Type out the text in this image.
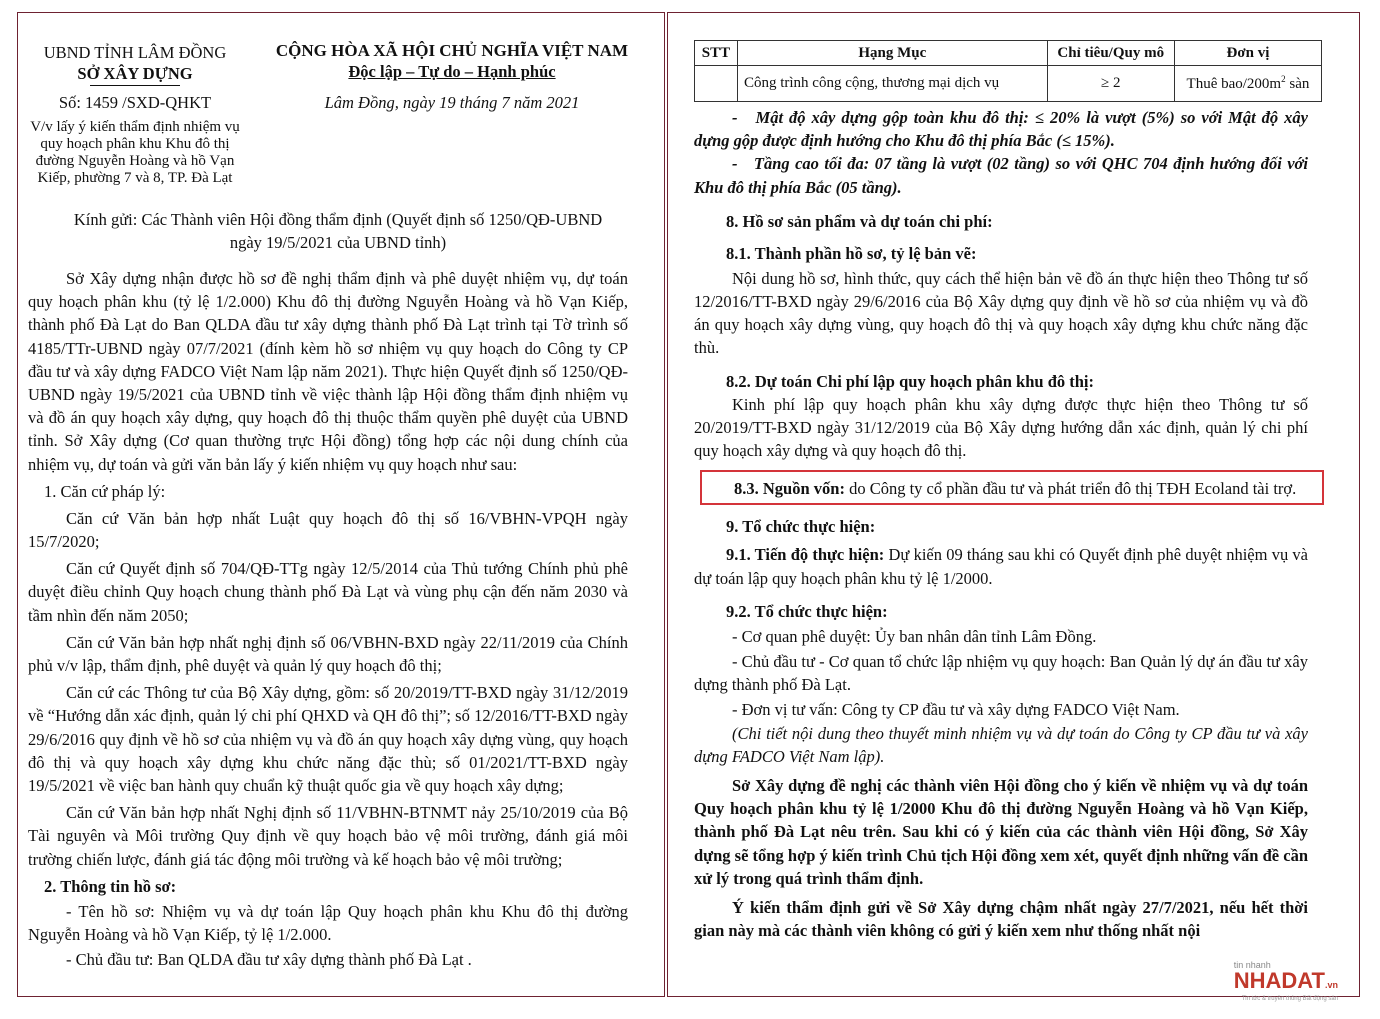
UBND TỈNH LÂM ĐỒNG
SỞ XÂY DỰNG
Số: 1459 /SXD-QHKT
V/v lấy ý kiến thẩm định nhiệm vụ quy hoạch phân khu Khu đô thị đường Nguyễn Hoàng và hồ Vạn Kiếp, phường 7 và 8, TP. Đà Lạt
CỘNG HÒA XÃ HỘI CHỦ NGHĨA VIỆT NAM
Độc lập – Tự do – Hạnh phúc
Lâm Đồng, ngày 19 tháng 7 năm 2021

Kính gửi: Các Thành viên Hội đồng thẩm định (Quyết định số 1250/QĐ-UBND ngày 19/5/2021 của UBND tỉnh)

Sở Xây dựng nhận được hồ sơ đề nghị thẩm định và phê duyệt nhiệm vụ, dự toán quy hoạch phân khu (tỷ lệ 1/2.000) Khu đô thị đường Nguyễn Hoàng và hồ Vạn Kiếp, thành phố Đà Lạt do Ban QLDA đầu tư xây dựng thành phố Đà Lạt trình tại Tờ trình số 4185/TTr-UBND ngày 07/7/2021 (đính kèm hồ sơ nhiệm vụ quy hoạch do Công ty CP đầu tư và xây dựng FADCO Việt Nam lập năm 2021). Thực hiện Quyết định số 1250/QĐ-UBND ngày 19/5/2021 của UBND tỉnh về việc thành lập Hội đồng thẩm định nhiệm vụ và đồ án quy hoạch xây dựng, quy hoạch đô thị thuộc thẩm quyền phê duyệt của UBND tỉnh. Sở Xây dựng (Cơ quan thường trực Hội đồng) tổng hợp các nội dung chính của nhiệm vụ, dự toán và gửi văn bản lấy ý kiến nhiệm vụ quy hoạch như sau:

1. Căn cứ pháp lý:

Căn cứ Văn bản hợp nhất Luật quy hoạch đô thị số 16/VBHN-VPQH ngày 15/7/2020;

Căn cứ Quyết định số 704/QĐ-TTg ngày 12/5/2014 của Thủ tướng Chính phủ phê duyệt điều chỉnh Quy hoạch chung thành phố Đà Lạt và vùng phụ cận đến năm 2030 và tầm nhìn đến năm 2050;

Căn cứ Văn bản hợp nhất nghị định số 06/VBHN-BXD ngày 22/11/2019 của Chính phủ v/v lập, thẩm định, phê duyệt và quản lý quy hoạch đô thị;

Căn cứ các Thông tư của Bộ Xây dựng, gồm: số 20/2019/TT-BXD ngày 31/12/2019 về “Hướng dẫn xác định, quản lý chi phí QHXD và QH đô thị”; số 12/2016/TT-BXD ngày 29/6/2016 quy định về hồ sơ của nhiệm vụ và đồ án quy hoạch xây dựng vùng, quy hoạch đô thị và quy hoạch xây dựng khu chức năng đặc thù; số 01/2021/TT-BXD ngày 19/5/2021 về việc ban hành quy chuẩn kỹ thuật quốc gia về quy hoạch xây dựng;

Căn cứ Văn bản hợp nhất Nghị định số 11/VBHN-BTNMT nảy 25/10/2019 của Bộ Tài nguyên và Môi trường Quy định về quy hoạch bảo vệ môi trường, đánh giá môi trường chiến lược, đánh giá tác động môi trường và kế hoạch bảo vệ môi trường;

2. Thông tin hồ sơ:

- Tên hồ sơ: Nhiệm vụ và dự toán lập Quy hoạch phân khu Khu đô thị đường Nguyễn Hoàng và hồ Vạn Kiếp, tỷ lệ 1/2.000.

- Chủ đầu tư: Ban QLDA đầu tư xây dựng thành phố Đà Lạt .

STT	Hạng Mục	Chỉ tiêu/Quy mô	Đơn vị
	Công trình công cộng, thương mại dịch vụ	≥ 2	Thuê bao/$200m^2$ sàn

- Mật độ xây dựng gộp toàn khu đô thị: ≤ 20% là vượt (5%) so với Mật độ xây dựng gộp được định hướng cho Khu đô thị phía Bắc (≤ 15%).

- Tầng cao tối đa: 07 tầng là vượt (02 tầng) so với QHC 704 định hướng đối với Khu đô thị phía Bắc (05 tầng).

8. Hồ sơ sản phẩm và dự toán chi phí:

8.1. Thành phần hồ sơ, tỷ lệ bản vẽ:

Nội dung hồ sơ, hình thức, quy cách thể hiện bản vẽ đồ án thực hiện theo Thông tư số 12/2016/TT-BXD ngày 29/6/2016 của Bộ Xây dựng quy định về hồ sơ của nhiệm vụ và đồ án quy hoạch xây dựng vùng, quy hoạch đô thị và quy hoạch xây dựng khu chức năng đặc thù.

8.2. Dự toán Chi phí lập quy hoạch phân khu đô thị:

Kinh phí lập quy hoạch phân khu xây dựng được thực hiện theo Thông tư số 20/2019/TT-BXD ngày 31/12/2019 của Bộ Xây dựng hướng dẫn xác định, quản lý chi phí quy hoạch xây dựng và quy hoạch đô thị.

8.3. Nguồn vốn: do Công ty cổ phần đầu tư và phát triển đô thị TĐH Ecoland tài trợ.

9. Tổ chức thực hiện:

9.1. Tiến độ thực hiện: Dự kiến 09 tháng sau khi có Quyết định phê duyệt nhiệm vụ và dự toán lập quy hoạch phân khu tỷ lệ 1/2000.

9.2. Tổ chức thực hiện:

- Cơ quan phê duyệt: Ủy ban nhân dân tỉnh Lâm Đồng.

- Chủ đầu tư - Cơ quan tổ chức lập nhiệm vụ quy hoạch: Ban Quản lý dự án đầu tư xây dựng thành phố Đà Lạt.

- Đơn vị tư vấn: Công ty CP đầu tư và xây dựng FADCO Việt Nam.

(Chi tiết nội dung theo thuyết minh nhiệm vụ và dự toán do Công ty CP đầu tư và xây dựng FADCO Việt Nam lập).

Sở Xây dựng đề nghị các thành viên Hội đồng cho ý kiến về nhiệm vụ và dự toán Quy hoạch phân khu tỷ lệ 1/2000 Khu đô thị đường Nguyễn Hoàng và hồ Vạn Kiếp, thành phố Đà Lạt nêu trên. Sau khi có ý kiến của các thành viên Hội đồng, Sở Xây dựng sẽ tổng hợp ý kiến trình Chủ tịch Hội đồng xem xét, quyết định những vấn đề cần xử lý trong quá trình thẩm định.

Ý kiến thẩm định gửi về Sở Xây dựng chậm nhất ngày 27/7/2021, nếu hết thời gian này mà các thành viên không có gửi ý kiến xem như thống nhất nội

tin nhanh
NHADAT.vn
Tin tức & truyền thông Bất động sản
